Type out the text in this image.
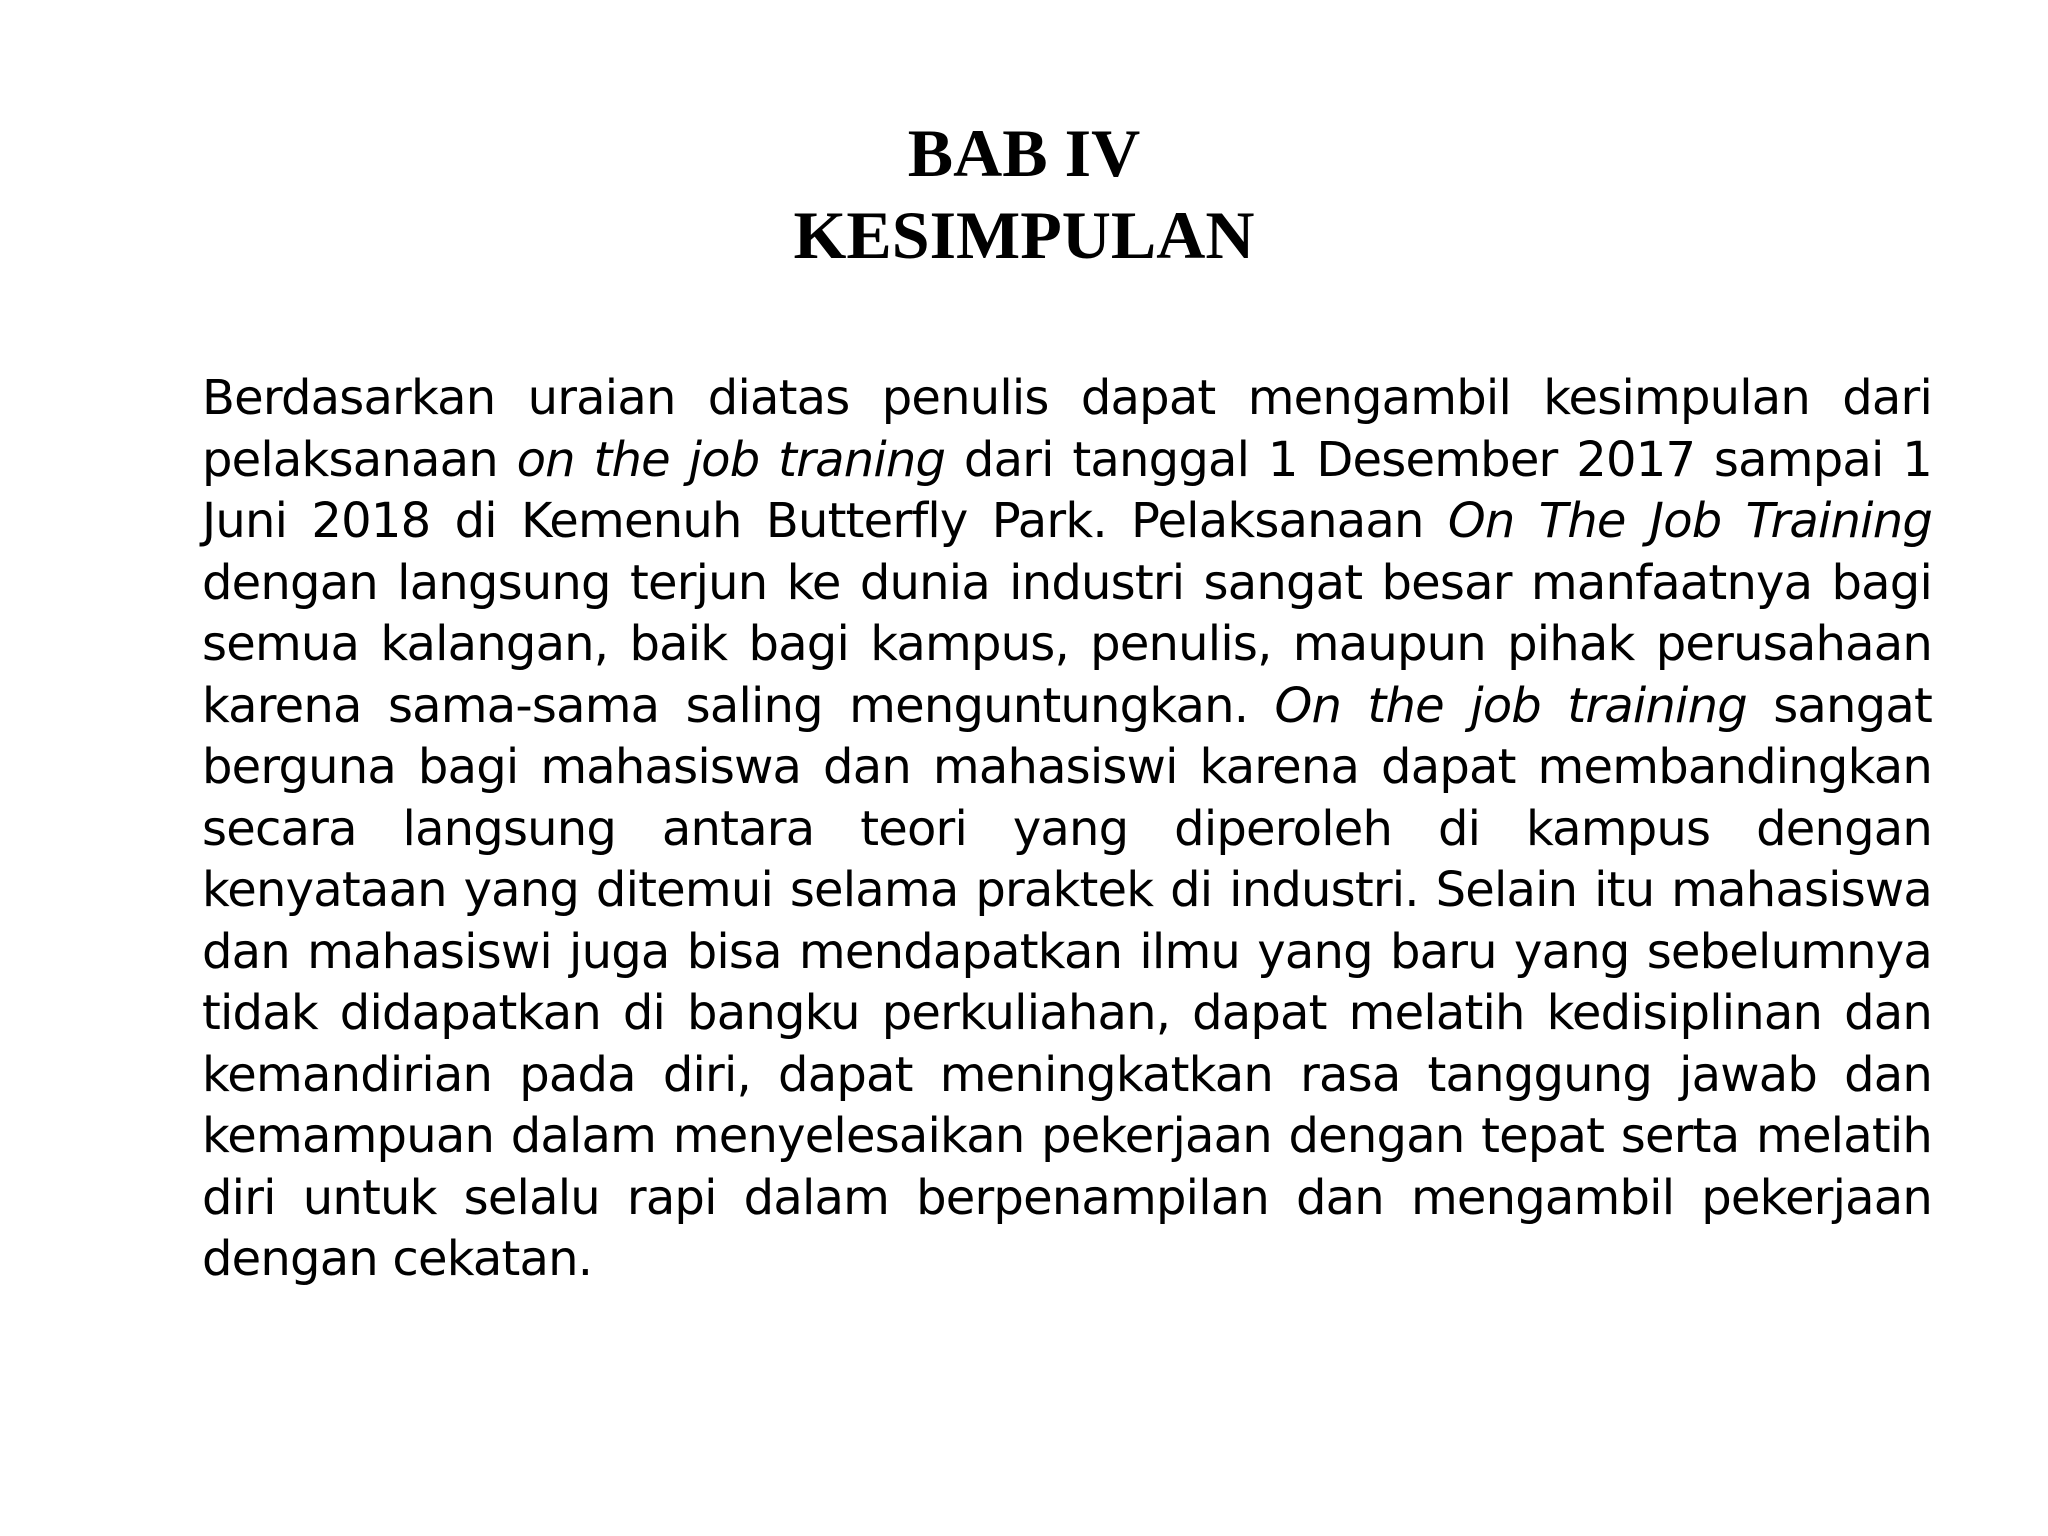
BAB IV
KESIMPULAN

Berdasarkan uraian diatas penulis dapat mengambil kesimpulan dari pelaksanaan on the job traning dari tanggal 1 Desember 2017 sampai 1 Juni 2018 di Kemenuh Butterfly Park. Pelaksanaan On The Job Training dengan langsung terjun ke dunia industri sangat besar manfaatnya bagi semua kalangan, baik bagi kampus, penulis, maupun pihak perusahaan karena sama-sama saling menguntungkan. On the job training sangat berguna bagi mahasiswa dan mahasiswi karena dapat membandingkan secara langsung antara teori yang diperoleh di kampus dengan kenyataan yang ditemui selama praktek di industri. Selain itu mahasiswa dan mahasiswi juga bisa mendapatkan ilmu yang baru yang sebelumnya tidak didapatkan di bangku perkuliahan, dapat melatih kedisiplinan dan kemandirian pada diri, dapat meningkatkan rasa tanggung jawab dan kemampuan dalam menyelesaikan pekerjaan dengan tepat serta melatih diri untuk selalu rapi dalam berpenampilan dan mengambil pekerjaan dengan cekatan.
